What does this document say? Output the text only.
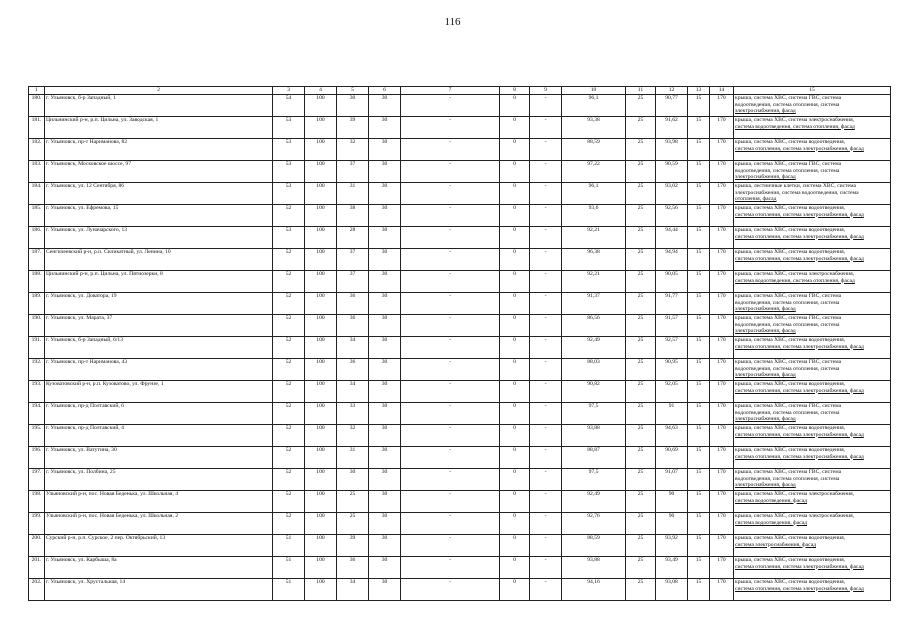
116
1	2	3	4	5	6	7	8	9	10	11	12	13	14	15
180.	г. Ульяновск, б-р Западный, 1	54	100	30	30	-	0	-	96,1	25	90,77	15	170	крыша, система ХВС, система ГВС, система
водоотведения, система отопления, система
электроснабжения, фасад

181.	Цильнинский р-н, р.п. Цильна, ул. Заводская, 1	53	100	39	30	-	0	-	93,38	25	91,62	15	170	крыша, система ХВС, система электроснабжения,
система водоотведения, система отопления, фасад

182.	г. Ульяновск, пр-т Нариманова, 82	53	100	32	30	-	0	-	88,59	25	93,98	15	170	крыша, система ХВС, система водоотведения,
система отопления, система электроснабжения, фасад

183.	г. Ульяновск, Московское шоссе, 97	53	100	37	30	-	0	-	97,22	25	90,59	15	170	крыша, система ХВС, система ГВС, система
водоотведения, система отопления, система
электроснабжения, фасад

184.	г. Ульяновск, ул. 12 Сентября, 86	53	100	31	30	-	0	-	96,1	25	93,02	15	170	крыша, лестничные клетки, система ХВС, система
электроснабжения, система водоотведения, система
отопления, фасад

185.	г. Ульяновск, ул. Ефремова, 15	52	100	38	30	-	0	-	93,6	25	92,56	15	170	крыша, система ХВС, система водоотведения,
система отопления, система электроснабжения, фасад

186.	г. Ульяновск, ул. Луначарского, 13	53	100	28	30	-	0	-	92,21	25	94,44	15	170	крыша, система ХВС, система водоотведения,
система отопления, система электроснабжения, фасад

187.	Сенгилеевский р-н, р.п. Силикатный, ул. Ленина, 10	52	100	37	30	-	0	-	96,38	25	94,94	15	170	крыша, система ХВС, система водоотведения,
система отопления, система электроснабжения, фасад

188.	Цильнинский р-н, р.п. Цильна, ул. Пятиозерки, 8	52	100	37	30	-	0	-	92,21	25	90,05	15	170	крыша, система ХВС, система электроснабжения,
система водоотведения, система отопления, фасад

189.	г. Ульяновск, ул. Доватора, 19	52	100	36	30	-	0	-	91,37	25	91,77	15	170	крыша, система ХВС, система ГВС, система
водоотведения, система отопления, система
электроснабжения, фасад

190.	г. Ульяновск, ул. Марата, 37	52	100	36	30	-	0	-	86,56	25	91,57	15	170	крыша, система ХВС, система ГВС, система
водоотведения, система отопления, система
электроснабжения, фасад

191.	г. Ульяновск, б-р Западный, 6/13	52	100	34	30	-	0	-	92,49	25	92,57	15	170	крыша, система ХВС, система водоотведения,
система отопления, система электроснабжения, фасад

192.	г. Ульяновск, пр-т Нариманова, 43	52	100	36	30	-	0	-	88,03	25	90,95	15	170	крыша, система ХВС, система ГВС, система
водоотведения, система отопления, система
электроснабжения, фасад

193.	Кузоватовский р-н, р.п. Кузоватово, ул. Фрунзе, 1	52	100	34	30	-	0	-	90,82	25	92,05	15	170	крыша, система ХВС, система водоотведения,
система отопления, система электроснабжения, фасад

194.	г. Ульяновск, пр-д Полтавский, 6	52	100	33	30	-	0	-	97,5	25	91	15	170	крыша, система ХВС, система ГВС, система
водоотведения, система отопления, система
электроснабжения, фасад

195.	г. Ульяновск, пр-д Полтавский, 4	52	100	32	30	-	0	-	93,88	25	94,63	15	170	крыша, система ХВС, система водоотведения,
система отопления, система электроснабжения, фасад

196.	г. Ульяновск, ул. Ватутина, 30	52	100	31	30	-	0	-	88,87	25	90,69	15	170	крыша, система ХВС, система водоотведения,
система отопления, система электроснабжения, фасад

197.	г. Ульяновск, ул. Полбина, 25	52	100	30	30	-	0	-	97,5	25	91,07	15	170	крыша, система ХВС, система ГВС, система
водоотведения, система отопления, система
электроснабжения, фасад

198.	Ульяновский р-н, пос. Новая Беденька, ул. Школьная, 4	52	100	25	30	-	0	-	92,49	25	90	15	170	крыша, система ХВС, система электроснабжения,
система водоотведения, фасад

199.	Ульяновский р-н, пос. Новая Беденька, ул. Школьная, 2	52	100	25	30	-	0	-	92,76	25	90	15	170	крыша, система ХВС, система электроснабжения,
система водоотведения, фасад

200.	Сурский р-н, р.п. Сурское, 2 пер. Октябрьский, 13	51	100	39	30	-	0	-	88,59	25	93,92	15	170	крыша, система ХВС, система водоотведения,
система электроснабжения, фасад

201.	г. Ульяновск, ул. Карбыша, 8а	51	100	36	30	-	0	-	93,88	25	93,49	15	170	крыша, система ХВС, система водоотведения,
система отопления, система электроснабжения, фасад

202.	г. Ульяновск, ул. Хрустальная, 14	51	100	34	30	-	0	-	94,16	25	93,08	15	170	крыша, система ХВС, система водоотведения,
система отопления, система электроснабжения, фасад
